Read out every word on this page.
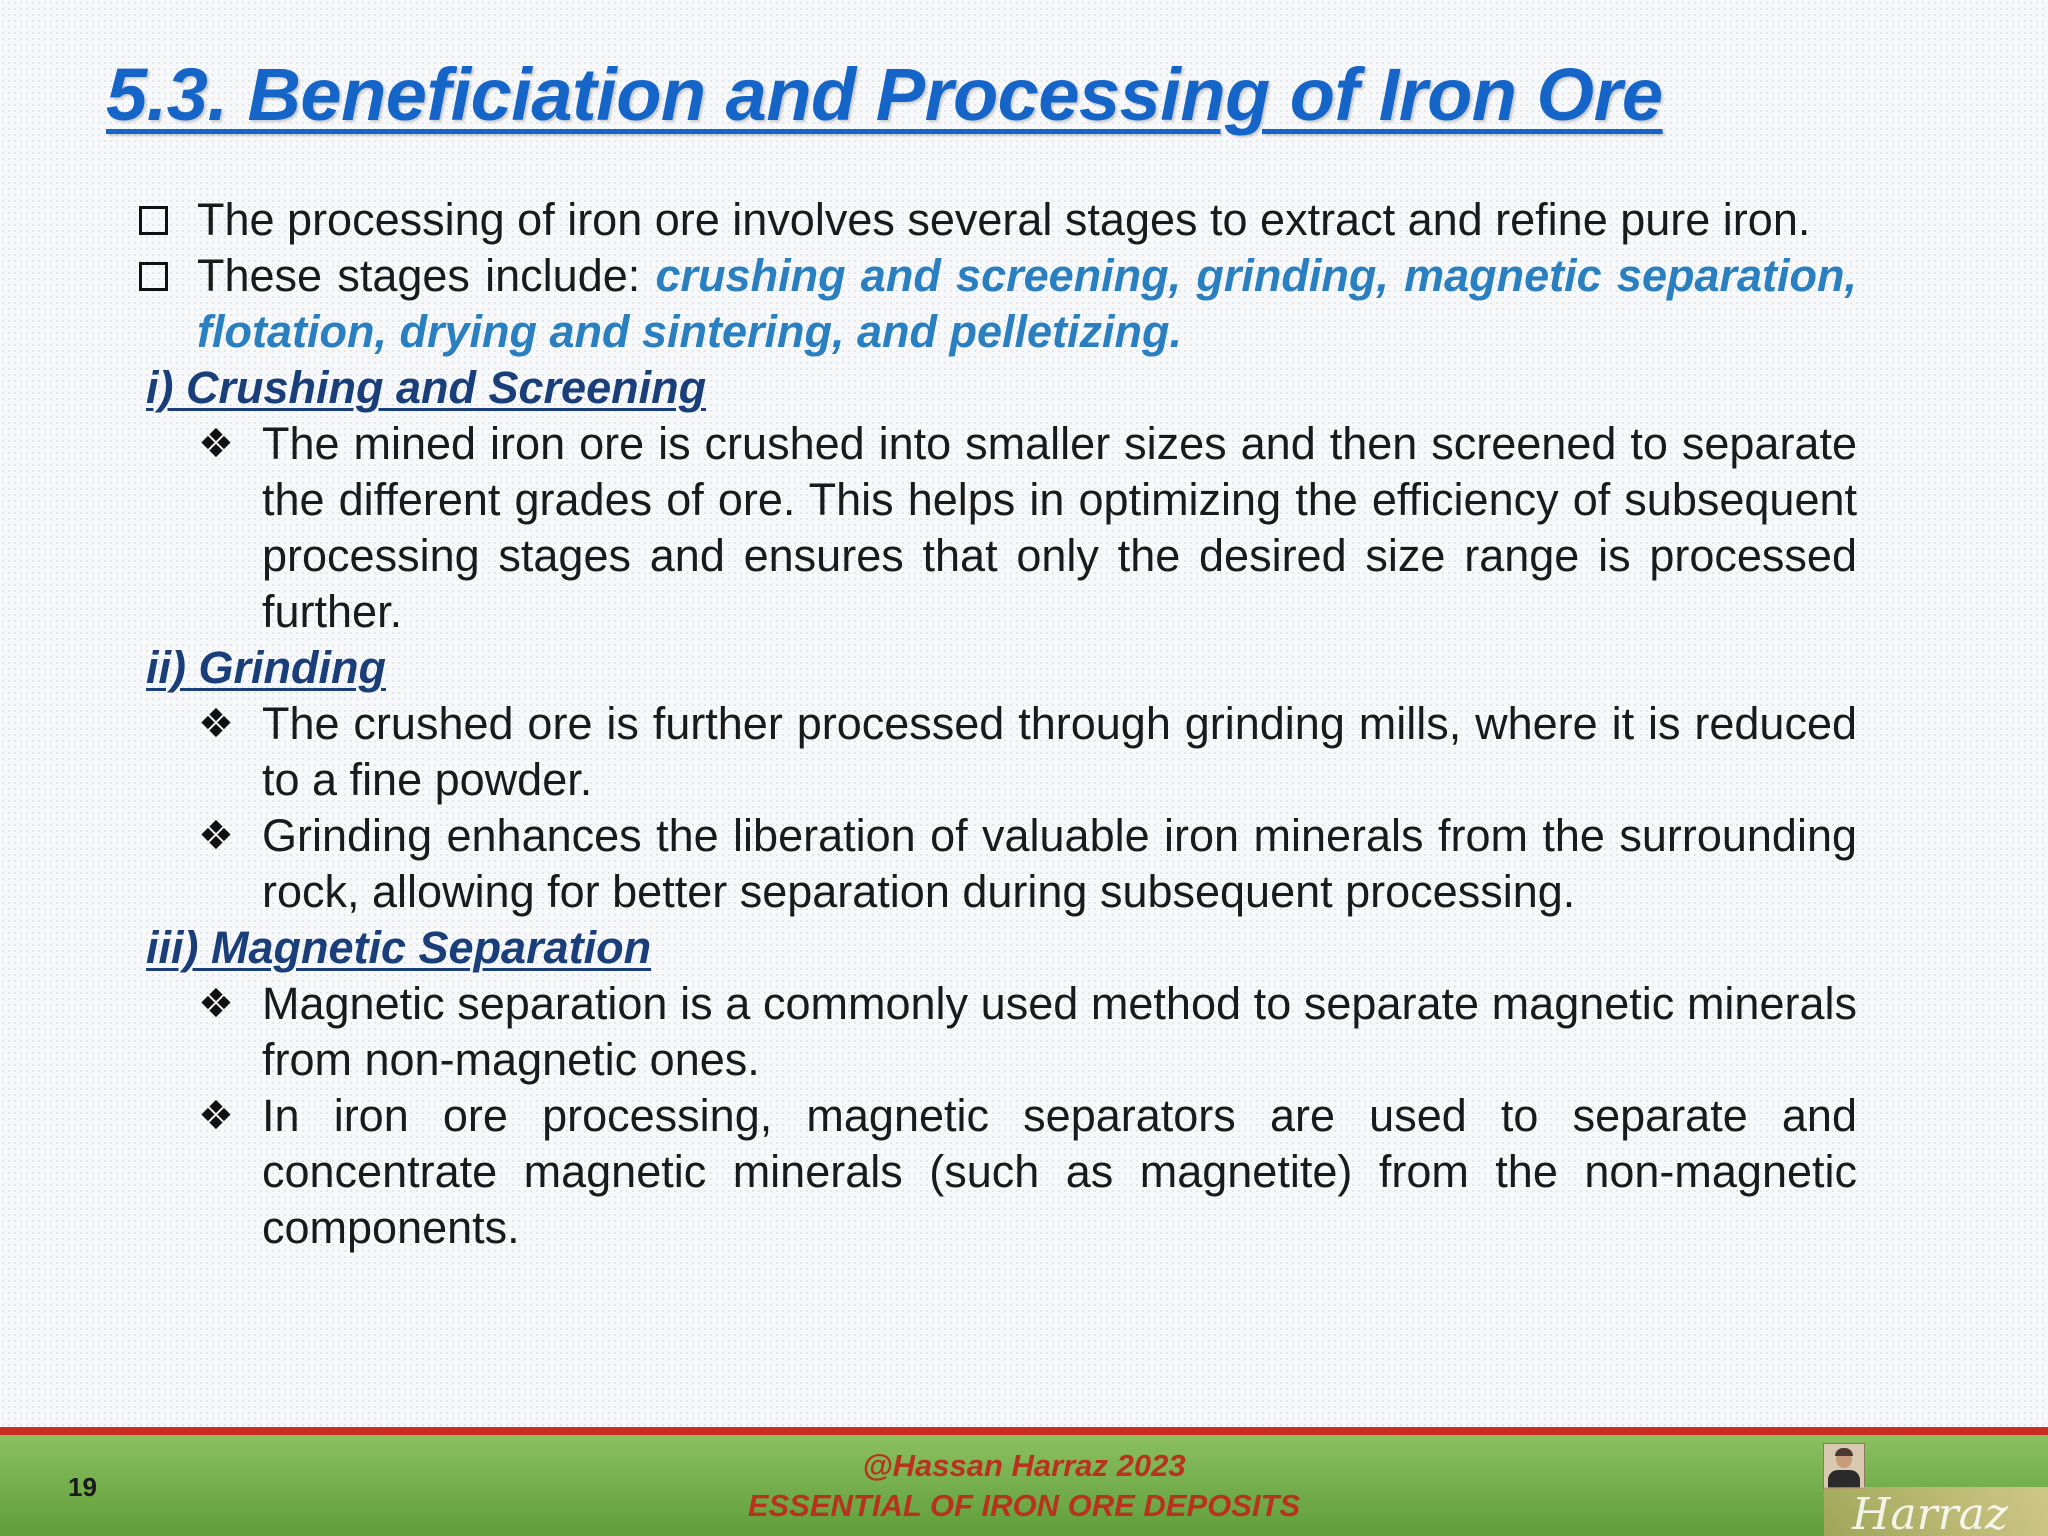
5.3. Beneficiation and Processing of Iron Ore
The processing of iron ore involves several stages to extract and refine pure iron.
These stages include: crushing and screening, grinding, magnetic separation, flotation, drying and sintering, and pelletizing.
i) Crushing and Screening
❖ The mined iron ore is crushed into smaller sizes and then screened to separate the different grades of ore. This helps in optimizing the efficiency of subsequent processing stages and ensures that only the desired size range is processed further.
ii) Grinding
❖ The crushed ore is further processed through grinding mills, where it is reduced to a fine powder.
❖ Grinding enhances the liberation of valuable iron minerals from the surrounding rock, allowing for better separation during subsequent processing.
iii) Magnetic Separation
❖ Magnetic separation is a commonly used method to separate magnetic minerals from non-magnetic ones.
❖ In iron ore processing, magnetic separators are used to separate and concentrate magnetic minerals (such as magnetite) from the non-magnetic components.
19
@Hassan Harraz 2023
ESSENTIAL OF IRON ORE DEPOSITS	Harraz
